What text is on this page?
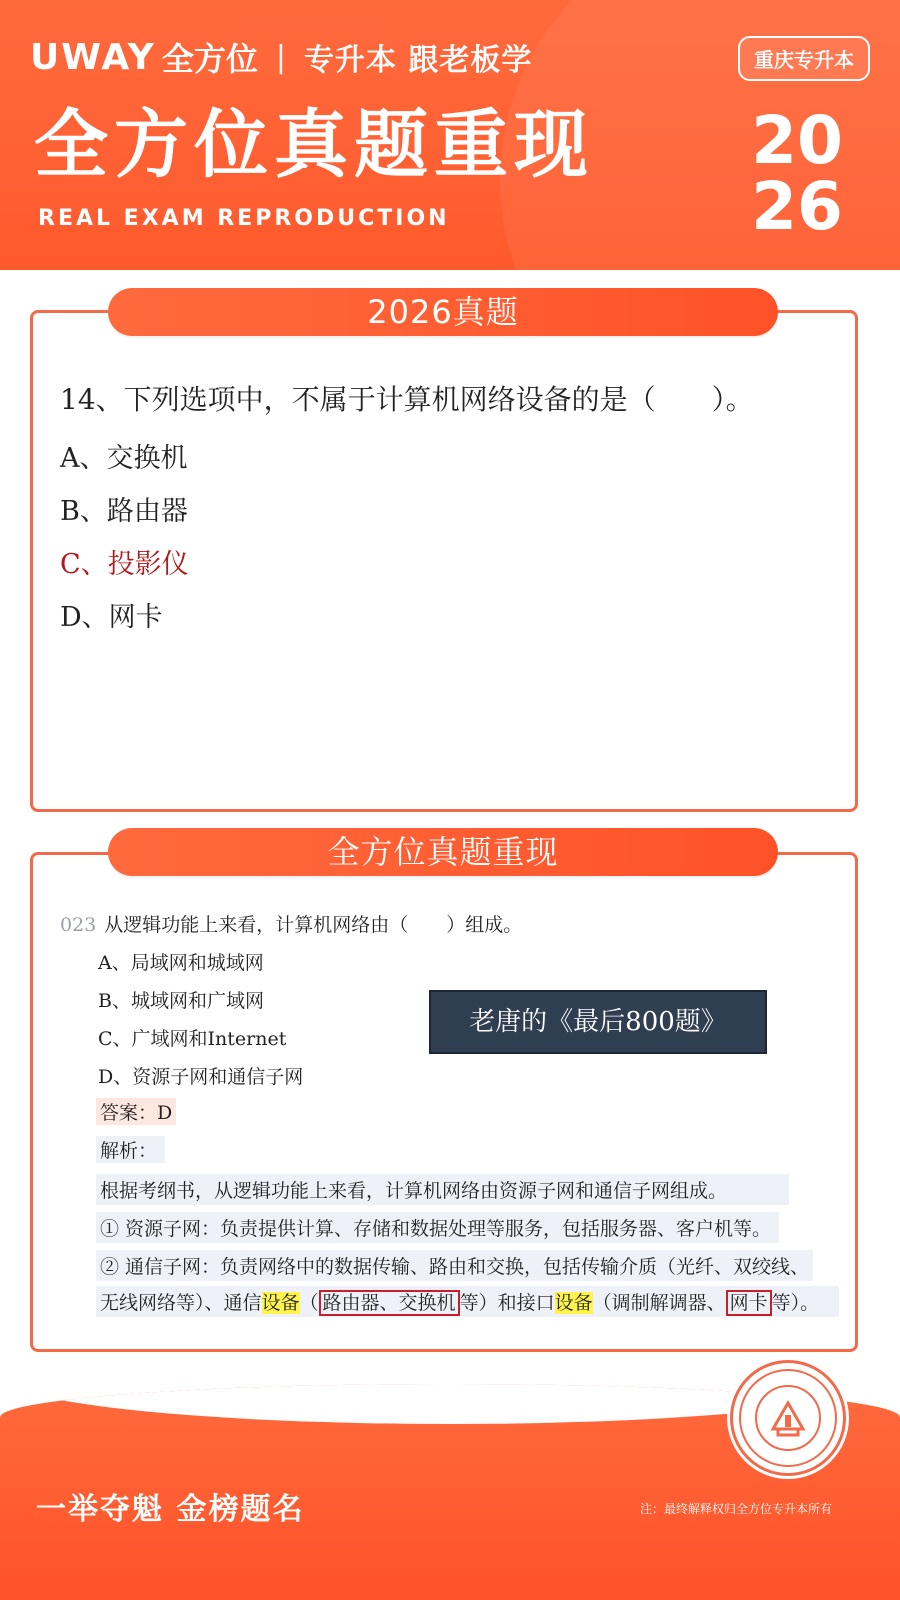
UWAY 全方位 | 专升本 跟老板学	重庆专升本
全方位真题重现
REAL EXAM REPRODUCTION
2026
2026真题
14、下列选项中，不属于计算机网络设备的是（　　）。
A、交换机
B、路由器
C、投影仪
D、网卡
全方位真题重现
023 从逻辑功能上来看，计算机网络由（　　）组成。
A、局域网和城域网
B、城域网和广域网
C、广域网和Internet
D、资源子网和通信子网
答案：D
解析：
根据考纲书，从逻辑功能上来看，计算机网络由资源子网和通信子网组成。
① 资源子网：负责提供计算、存储和数据处理等服务，包括服务器、客户机等。
② 通信子网：负责网络中的数据传输、路由和交换，包括传输介质（光纤、双绞线、
无线网络等）、通信设备（ 路由器、交换机 等）和接口设备（调制解调器、 网卡 等）。
老唐的《最后800题》
一举夺魁 金榜题名	注：最终解释权归全方位专升本所有
